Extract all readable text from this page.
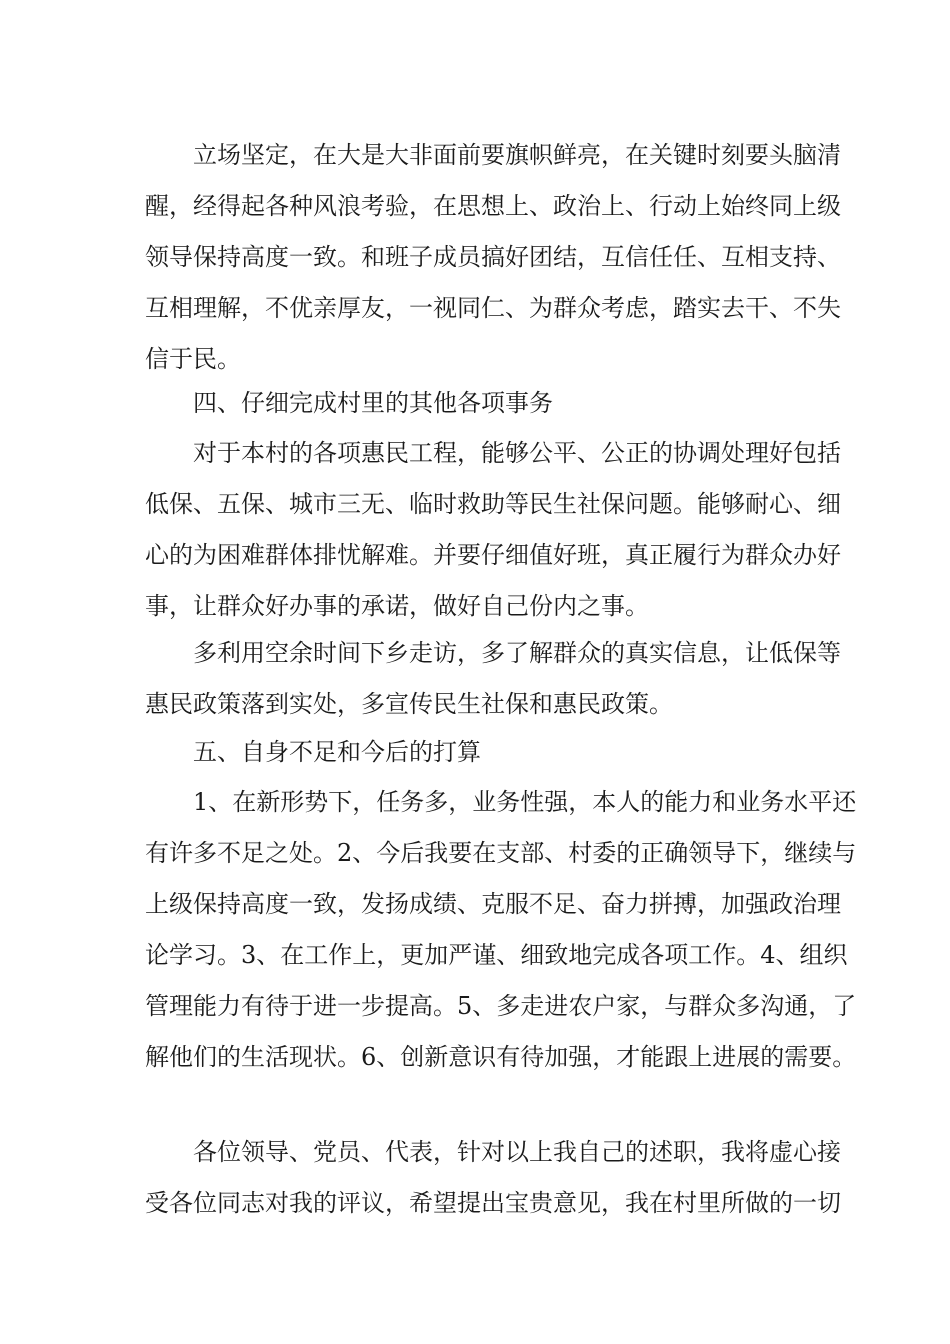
立场坚定，在大是大非面前要旗帜鲜亮，在关键时刻要头脑清
醒，经得起各种风浪考验，在思想上、政治上、行动上始终同上级
领导保持高度一致。和班子成员搞好团结，互信任任、互相支持、
互相理解，不优亲厚友，一视同仁、为群众考虑，踏实去干、不失
信于民。
四、仔细完成村里的其他各项事务
对于本村的各项惠民工程，能够公平、公正的协调处理好包括
低保、五保、城市三无、临时救助等民生社保问题。能够耐心、细
心的为困难群体排忧解难。并要仔细值好班，真正履行为群众办好
事，让群众好办事的承诺，做好自己份内之事。
多利用空余时间下乡走访，多了解群众的真实信息，让低保等
惠民政策落到实处，多宣传民生社保和惠民政策。
五、自身不足和今后的打算
1、在新形势下，任务多，业务性强，本人的能力和业务水平还
有许多不足之处。2、今后我要在支部、村委的正确领导下，继续与
上级保持高度一致，发扬成绩、克服不足、奋力拼搏，加强政治理
论学习。3、在工作上，更加严谨、细致地完成各项工作。4、组织
管理能力有待于进一步提高。5、多走进农户家，与群众多沟通，了
解他们的生活现状。6、创新意识有待加强，才能跟上进展的需要。
各位领导、党员、代表，针对以上我自己的述职，我将虚心接
受各位同志对我的评议，希望提出宝贵意见，我在村里所做的一切
